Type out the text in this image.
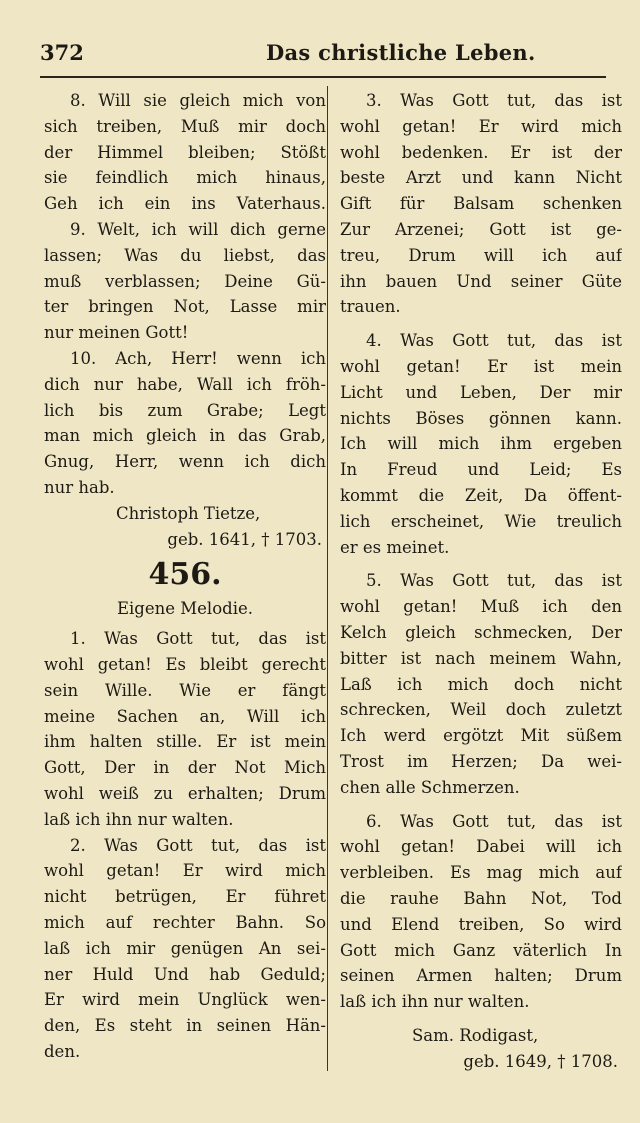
372	Das christliche Leben.
8. Will sie gleich mich von
sich treiben, Muß mir doch
der Himmel bleiben; Stößt
sie feindlich mich hinaus,
Geh ich ein ins Vaterhaus.
9. Welt, ich will dich gerne
lassen; Was du liebst, das
muß verblassen; Deine Gü-
ter bringen Not, Lasse mir
nur meinen Gott!
10. Ach, Herr! wenn ich
dich nur habe, Wall ich fröh-
lich bis zum Grabe; Legt
man mich gleich in das Grab,
Gnug, Herr, wenn ich dich
nur hab.
Christoph Tietze,
geb. 1641, † 1703.
456.
Eigene Melodie.
1. Was Gott tut, das ist
wohl getan! Es bleibt gerecht
sein Wille. Wie er fängt
meine Sachen an, Will ich
ihm halten stille. Er ist mein
Gott, Der in der Not Mich
wohl weiß zu erhalten; Drum
laß ich ihn nur walten.
2. Was Gott tut, das ist
wohl getan! Er wird mich
nicht betrügen, Er führet
mich auf rechter Bahn. So
laß ich mir genügen An sei-
ner Huld Und hab Geduld;
Er wird mein Unglück wen-
den, Es steht in seinen Hän-
den.
3. Was Gott tut, das ist
wohl getan! Er wird mich
wohl bedenken. Er ist der
beste Arzt und kann Nicht
Gift für Balsam schenken
Zur Arzenei; Gott ist ge-
treu, Drum will ich auf
ihn bauen Und seiner Güte
trauen.
4. Was Gott tut, das ist
wohl getan! Er ist mein
Licht und Leben, Der mir
nichts Böses gönnen kann.
Ich will mich ihm ergeben
In Freud und Leid; Es
kommt die Zeit, Da öffent-
lich erscheinet, Wie treulich
er es meinet.
5. Was Gott tut, das ist
wohl getan! Muß ich den
Kelch gleich schmecken, Der
bitter ist nach meinem Wahn,
Laß ich mich doch nicht
schrecken, Weil doch zuletzt
Ich werd ergötzt Mit süßem
Trost im Herzen; Da wei-
chen alle Schmerzen.
6. Was Gott tut, das ist
wohl getan! Dabei will ich
verbleiben. Es mag mich auf
die rauhe Bahn Not, Tod
und Elend treiben, So wird
Gott mich Ganz väterlich In
seinen Armen halten; Drum
laß ich ihn nur walten.
Sam. Rodigast,
geb. 1649, † 1708.
